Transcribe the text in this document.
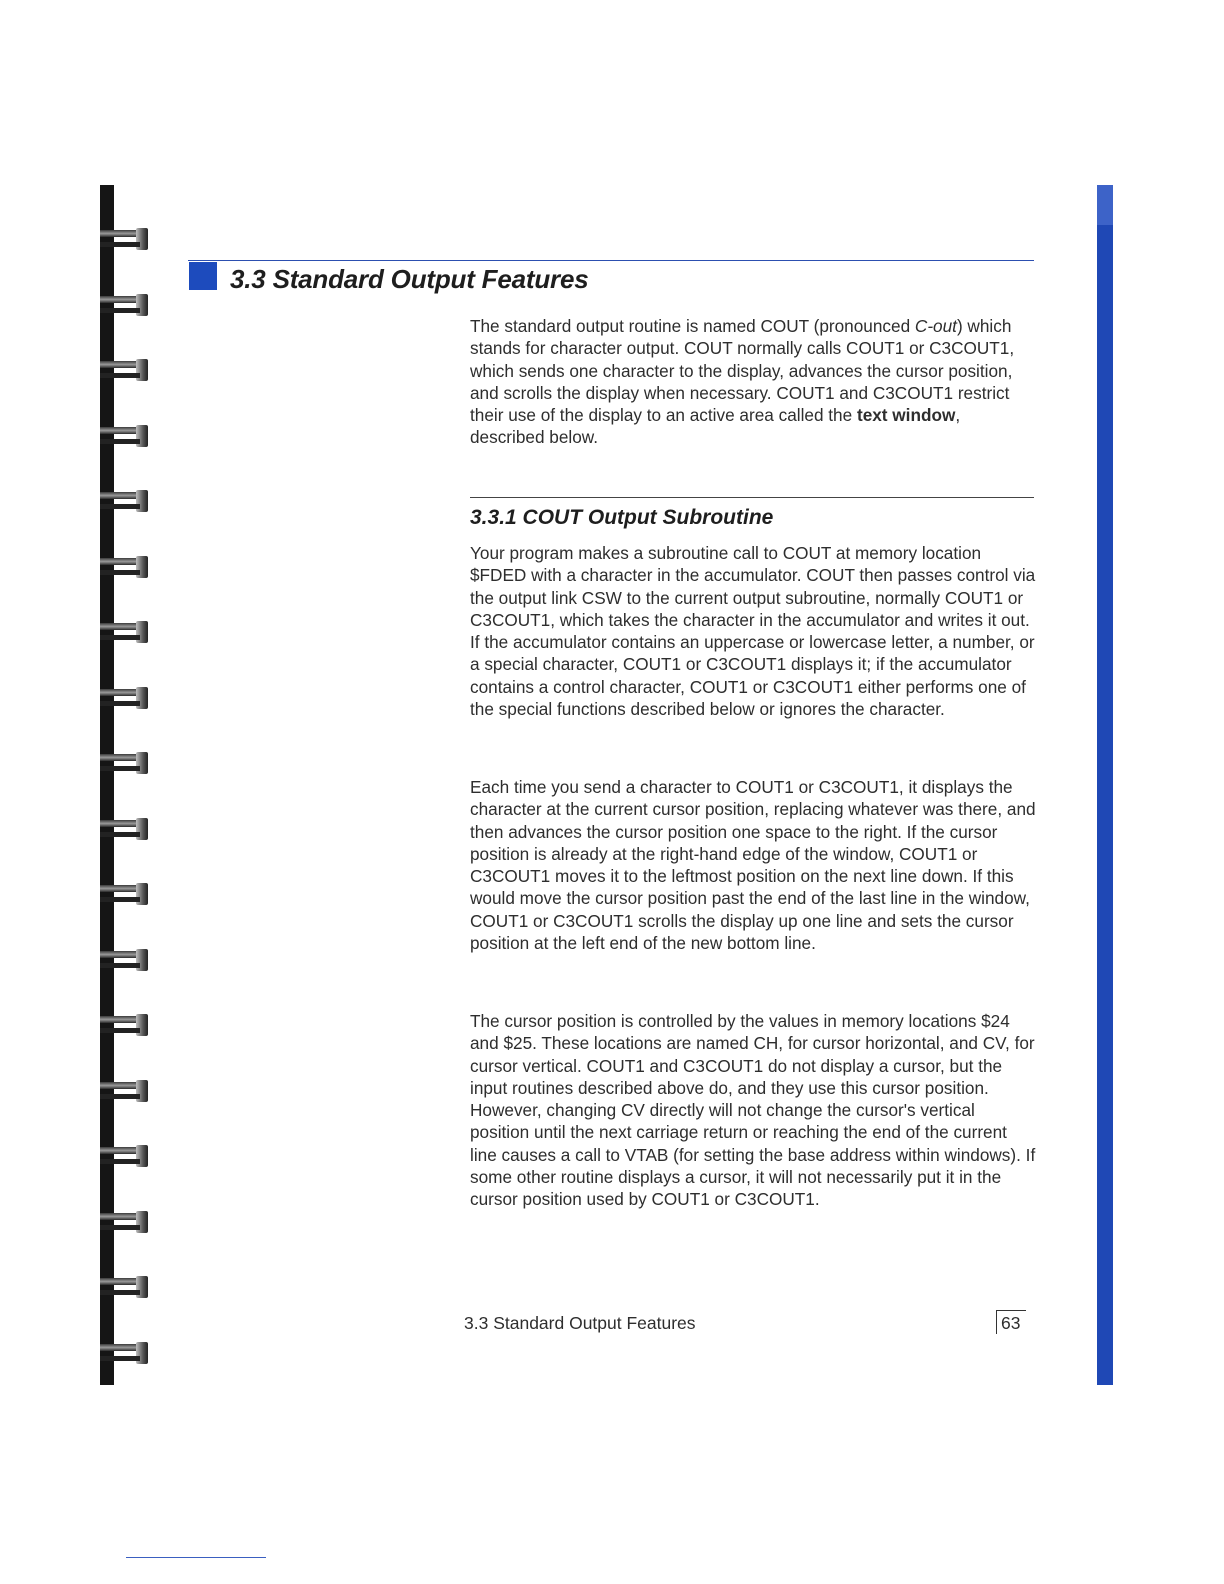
3.3 Standard Output Features

The standard output routine is named COUT (pronounced C-out) which stands for character output. COUT normally calls COUT1 or C3COUT1, which sends one character to the display, advances the cursor position, and scrolls the display when necessary. COUT1 and C3COUT1 restrict their use of the display to an active area called the text window, described below.

3.3.1 COUT Output Subroutine

Your program makes a subroutine call to COUT at memory location $FDED with a character in the accumulator. COUT then passes control via the output link CSW to the current output subroutine, normally COUT1 or C3COUT1, which takes the character in the accumulator and writes it out. If the accumulator contains an uppercase or lowercase letter, a number, or a special character, COUT1 or C3COUT1 displays it; if the accumulator contains a control character, COUT1 or C3COUT1 either performs one of the special functions described below or ignores the character.

Each time you send a character to COUT1 or C3COUT1, it displays the character at the current cursor position, replacing whatever was there, and then advances the cursor position one space to the right. If the cursor position is already at the right-hand edge of the window, COUT1 or C3COUT1 moves it to the leftmost position on the next line down. If this would move the cursor position past the end of the last line in the window, COUT1 or C3COUT1 scrolls the display up one line and sets the cursor position at the left end of the new bottom line.

The cursor position is controlled by the values in memory locations $24 and $25. These locations are named CH, for cursor horizontal, and CV, for cursor vertical. COUT1 and C3COUT1 do not display a cursor, but the input routines described above do, and they use this cursor position. However, changing CV directly will not change the cursor's vertical position until the next carriage return or reaching the end of the current line causes a call to VTAB (for setting the base address within windows). If some other routine displays a cursor, it will not necessarily put it in the cursor position used by COUT1 or C3COUT1.

3.3 Standard Output Features	63
